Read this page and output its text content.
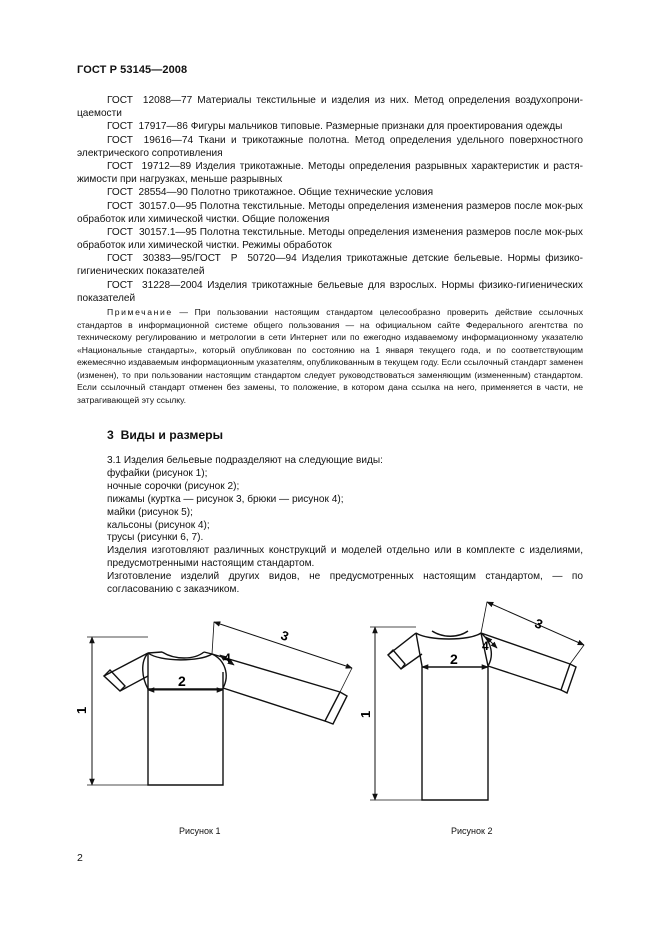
ГОСТ Р 53145—2008

ГОСТ  12088—77 Материалы текстильные и изделия из них. Метод определения воздухопрони-цаемости

ГОСТ  17917—86 Фигуры мальчиков типовые. Размерные признаки для проектирования одежды

ГОСТ  19616—74 Ткани и трикотажные полотна. Метод определения удельного поверхностного электрического сопротивления

ГОСТ  19712—89 Изделия трикотажные. Методы определения разрывных характеристик и растя-жимости при нагрузках, меньше разрывных

ГОСТ  28554—90 Полотно трикотажное. Общие технические условия

ГОСТ  30157.0—95 Полотна текстильные. Методы определения изменения размеров после мок-рых обработок или химической чистки. Общие положения

ГОСТ  30157.1—95 Полотна текстильные. Методы определения изменения размеров после мок-рых обработок или химической чистки. Режимы обработок

ГОСТ  30383—95/ГОСТ  Р  50720—94 Изделия трикотажные детские бельевые. Нормы физико-гигиенических показателей

ГОСТ  31228—2004 Изделия трикотажные бельевые для взрослых. Нормы физико-гигиенических показателей

Примечание — При пользовании настоящим стандартом целесообразно проверить действие ссылочных стандартов в информационной системе общего пользования — на официальном сайте Федерального агентства по техническому регулированию и метрологии в сети Интернет или по ежегодно издаваемому информационному указателю «Национальные стандарты», который опубликован по состоянию на 1 января текущего года, и по соответствующим ежемесячно издаваемым информационным указателям, опубликованным в текущем году. Если ссылочный стандарт заменен (изменен), то при пользовании настоящим стандартом следует руководствоваться заменяющим (измененным) стандартом. Если ссылочный стандарт отменен без замены, то положение, в котором дана ссылка на него, применяется в части, не затрагивающей эту ссылку.
3 Виды и размеры

3.1 Изделия бельевые подразделяют на следующие виды:

фуфайки (рисунок 1);

ночные сорочки (рисунок 2);

пижамы (куртка — рисунок 3, брюки — рисунок 4);

майки (рисунок 5);

кальсоны (рисунок 4);

трусы (рисунки 6, 7).

Изделия изготовляют различных конструкций и моделей отдельно или в комплекте с изделиями, предусмотренными настоящим стандартом.

Изготовление изделий других видов, не предусмотренных настоящим стандартом, — по согласованию с заказчиком.

1
2
3
4
1
2
3
4
Рисунок 1	Рисунок 2
2
